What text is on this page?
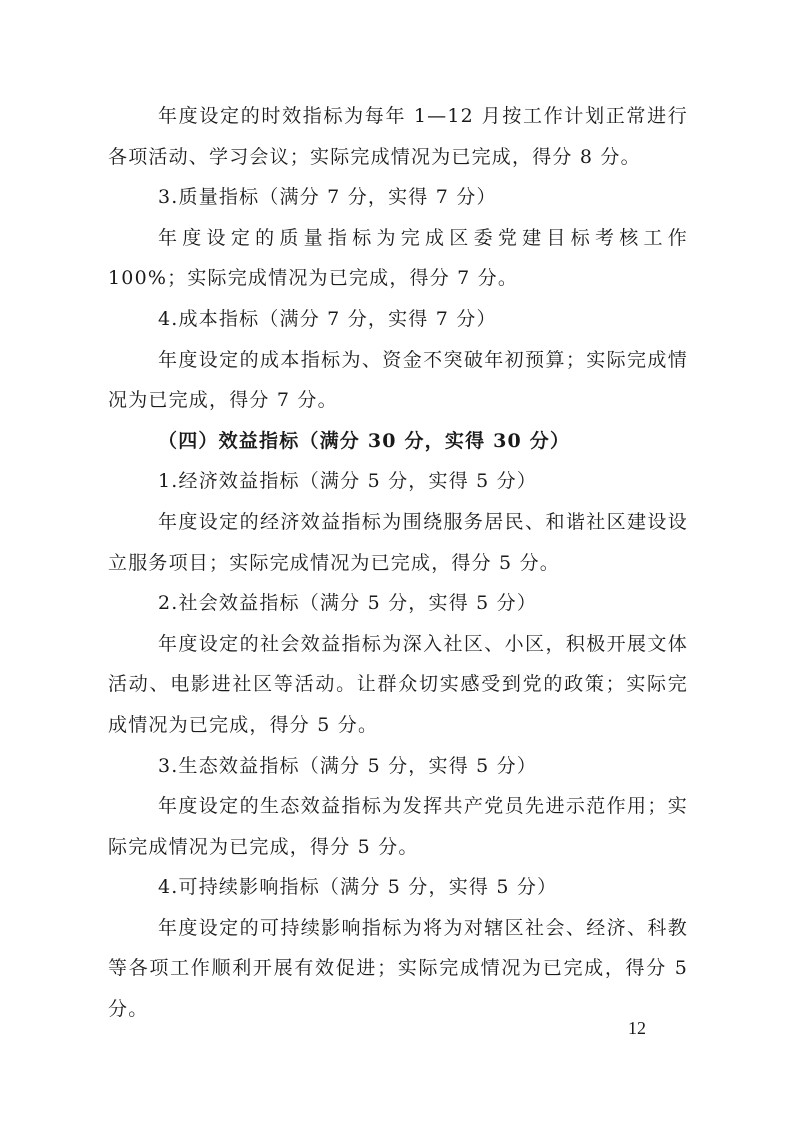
年度设定的时效指标为每年 1—12 月按工作计划正常进行各项活动、学习会议；实际完成情况为已完成，得分 8 分。

3.质量指标（满分 7 分，实得 7 分）

年度设定的质量指标为完成区委党建目标考核工作 100%；实际完成情况为已完成，得分 7 分。

4.成本指标（满分 7 分，实得 7 分）

年度设定的成本指标为、资金不突破年初预算；实际完成情况为已完成，得分 7 分。

（四）效益指标（满分 30 分，实得 30 分）

1.经济效益指标（满分 5 分，实得 5 分）

年度设定的经济效益指标为围绕服务居民、和谐社区建设设立服务项目；实际完成情况为已完成，得分 5 分。

2.社会效益指标（满分 5 分，实得 5 分）

年度设定的社会效益指标为深入社区、小区，积极开展文体活动、电影进社区等活动。让群众切实感受到党的政策；实际完成情况为已完成，得分 5 分。

3.生态效益指标（满分 5 分，实得 5 分）

年度设定的生态效益指标为发挥共产党员先进示范作用；实际完成情况为已完成，得分 5 分。

4.可持续影响指标（满分 5 分，实得 5 分）

年度设定的可持续影响指标为将为对辖区社会、经济、科教等各项工作顺利开展有效促进；实际完成情况为已完成，得分 5 分。

12
